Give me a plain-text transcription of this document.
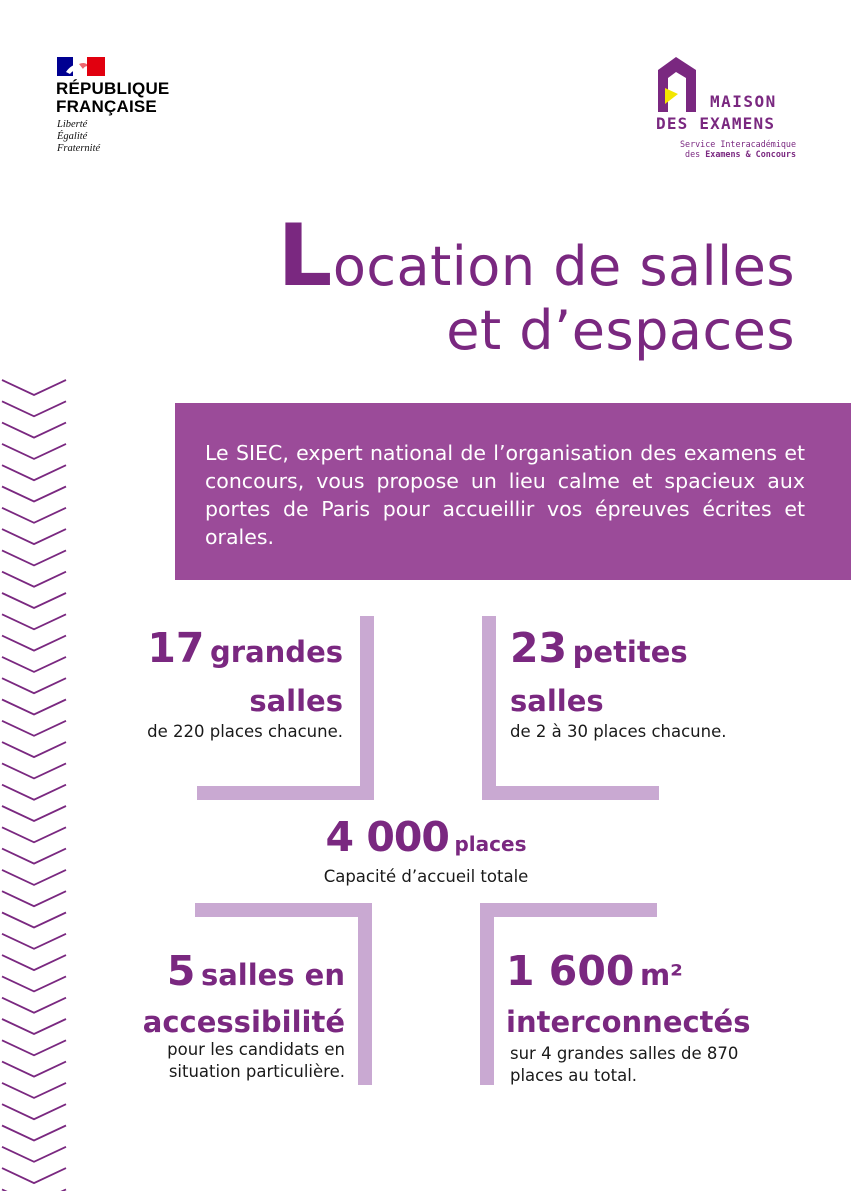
RÉPUBLIQUE
FRANÇAISE
Liberté
Égalité
Fraternité
MAISON
DES EXAMENS
Service Interacadémique
des Examens & Concours
Location de salles
et d’espaces

Le SIEC, expert national de l’organisation des examens et concours, vous propose un lieu calme et spacieux aux portes de Paris pour accueillir vos épreuves écrites et orales.

17 grandes
salles
de 220 places chacune.
23 petites
salles
de 2 à 30 places chacune.
4 000 places
Capacité d’accueil totale
5 salles en
accessibilité
pour les candidats en
situation particulière.
1 600 m²
interconnectés
sur 4 grandes salles de 870
places au total.
